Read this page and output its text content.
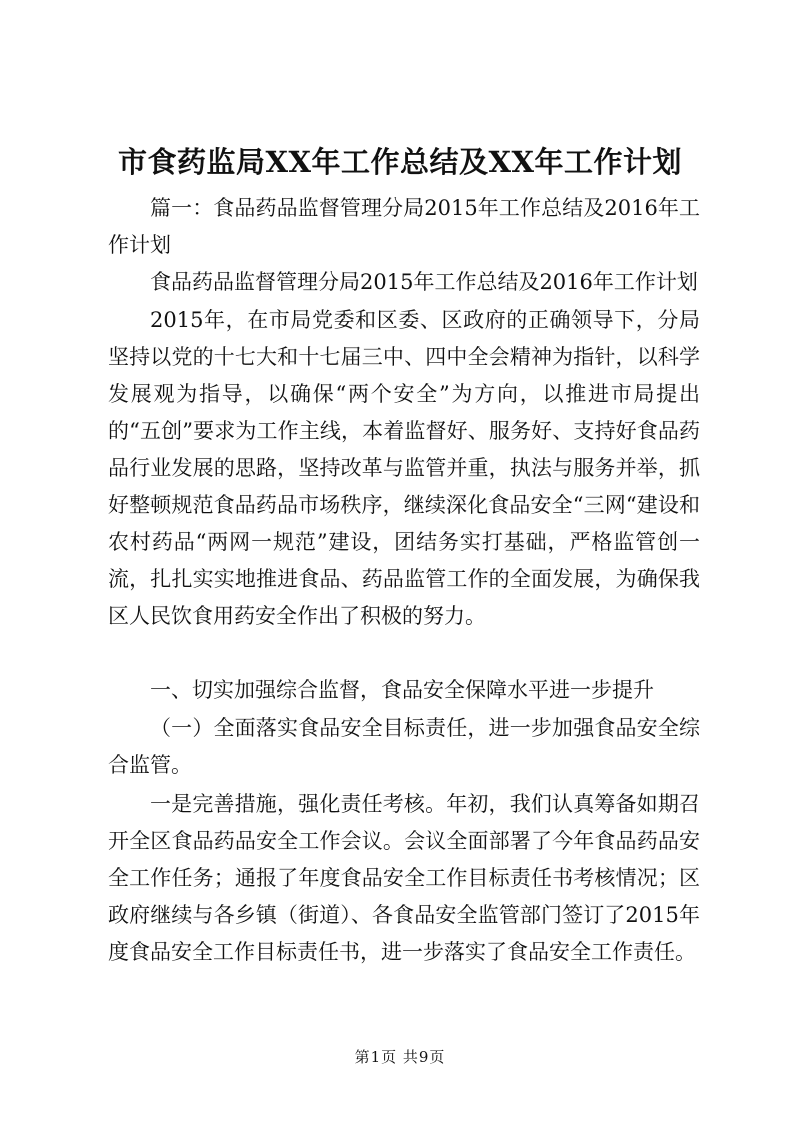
市食药监局XX年工作总结及XX年工作计划

篇一：食品药品监督管理分局2015年工作总结及2016年工作计划

食品药品监督管理分局2015年工作总结及2016年工作计划

2015年，在市局党委和区委、区政府的正确领导下，分局坚持以党的十七大和十七届三中、四中全会精神为指针，以科学发展观为指导，以确保“两个安全”为方向，以推进市局提出的“五创”要求为工作主线，本着监督好、服务好、支持好食品药品行业发展的思路，坚持改革与监管并重，执法与服务并举，抓好整顿规范食品药品市场秩序，继续深化食品安全“三网“建设和农村药品“两网一规范”建设，团结务实打基础，严格监管创一流，扎扎实实地推进食品、药品监管工作的全面发展，为确保我区人民饮食用药安全作出了积极的努力。

一、切实加强综合监督，食品安全保障水平进一步提升

（一）全面落实食品安全目标责任，进一步加强食品安全综合监管。

一是完善措施，强化责任考核。年初，我们认真筹备如期召开全区食品药品安全工作会议。会议全面部署了今年食品药品安全工作任务；通报了年度食品安全工作目标责任书考核情况；区政府继续与各乡镇（街道）、各食品安全监管部门签订了2015年度食品安全工作目标责任书，进一步落实了食品安全工作责任。

第1页 共9页
